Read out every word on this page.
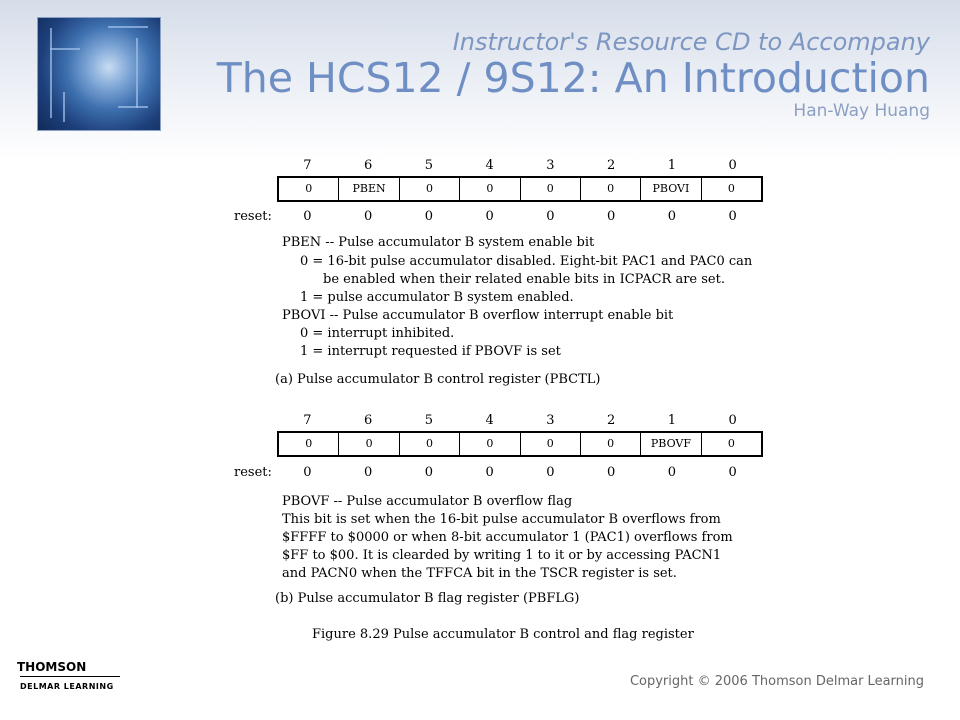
Instructor's Resource CD to Accompany
The HCS12 / 9S12: An Introduction
Han-Way Huang
7	6	5	4	3	2	1	0
0	PBEN	0	0	0	0	PBOVI	0
reset:	0	0	0	0	0	0	0	0
PBEN -- Pulse accumulator B system enable bit
0 = 16-bit pulse accumulator disabled. Eight-bit PAC1 and PAC0 can
be enabled when their related enable bits in ICPACR are set.
1 = pulse accumulator B system enabled.
PBOVI -- Pulse accumulator B overflow interrupt enable bit
0 = interrupt inhibited.
1 = interrupt requested if PBOVF is set
(a) Pulse accumulator B control register (PBCTL)
7	6	5	4	3	2	1	0
0	0	0	0	0	0	PBOVF	0
reset:	0	0	0	0	0	0	0	0
PBOVF -- Pulse accumulator B overflow flag
This bit is set when the 16-bit pulse accumulator B overflows from
$FFFF to $0000 or when 8-bit accumulator 1 (PAC1) overflows from
$FF to $00. It is clearded by writing 1 to it or by accessing PACN1
and PACN0 when the TFFCA bit in the TSCR register is set.
(b) Pulse accumulator B flag register (PBFLG)
Figure 8.29 Pulse accumulator B control and flag register
THOMSON
DELMAR LEARNING	Copyright © 2006 Thomson Delmar Learning
